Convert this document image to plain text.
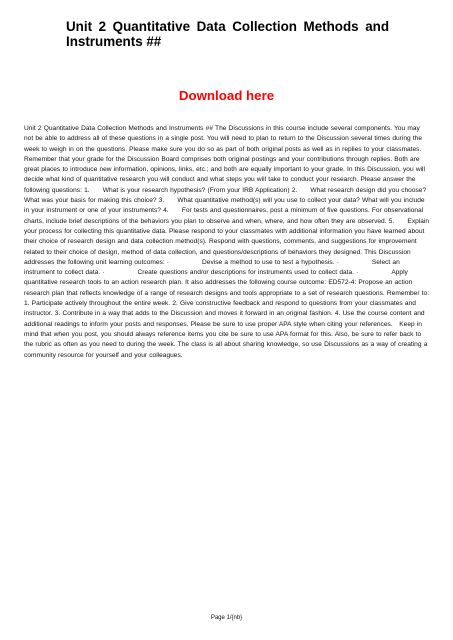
Unit 2 Quantitative Data Collection Methods and
Instruments ##
Download here

Unit 2 Quantitative Data Collection Methods and Instruments ## The Discussions in this course include several components. You may not be able to address all of these questions in a single post. You will need to plan to return to the Discussion several times during the week to weigh in on the questions. Please make sure you do so as part of both original posts as well as in replies to your classmates. Remember that your grade for the Discussion Board comprises both original postings and your contributions through replies. Both are great places to introduce new information, opinions, links, etc.; and both are equally important to your grade. In this Discussion, you will decide what kind of quantitative research you will conduct and what steps you will take to conduct your research. Please answer the following questions: 1.  What is your research hypothesis? (From your IRB Application) 2.  What research design did you choose? What was your basis for making this choice? 3.  What quantitative method(s) will you use to collect your data? What will you include in your instrument or one of your instruments? 4.  For tests and questionnaires, post a minimum of five questions. For observational charts, include brief descriptions of the behaviors you plan to observe and when, where, and how often they are observed. 5.  Explain your process for collecting this quantitative data. Please respond to your classmates with additional information you have learned about their choice of research design and data collection method(s). Respond with questions, comments, and suggestions for improvement related to their choice of design, method of data collection, and questions/descriptions of behaviors they designed. This Discussion addresses the following unit learning outcomes: ·     Devise a method to use to test a hypothesis. ·     Select an instrument to collect data. ·     Create questions and/or descriptions for instruments used to collect data. ·     Apply quantitative research tools to an action research plan. It also addresses the following course outcome: ED572-4: Propose an action research plan that reflects knowledge of a range of research designs and tools appropriate to a set of research questions. Remember to: 1. Participate actively throughout the entire week. 2. Give constructive feedback and respond to questions from your classmates and instructor. 3. Contribute in a way that adds to the Discussion and moves it forward in an original fashion. 4. Use the course content and additional readings to inform your posts and responses. Please be sure to use proper APA style when citing your references. Keep in mind that when you post, you should always reference items you cite be sure to use APA format for this. Also, be sure to refer back to the rubric as often as you need to during the week. The class is all about sharing knowledge, so use Discussions as a way of creating a community resource for yourself and your colleagues.

Page 1/{nb}
